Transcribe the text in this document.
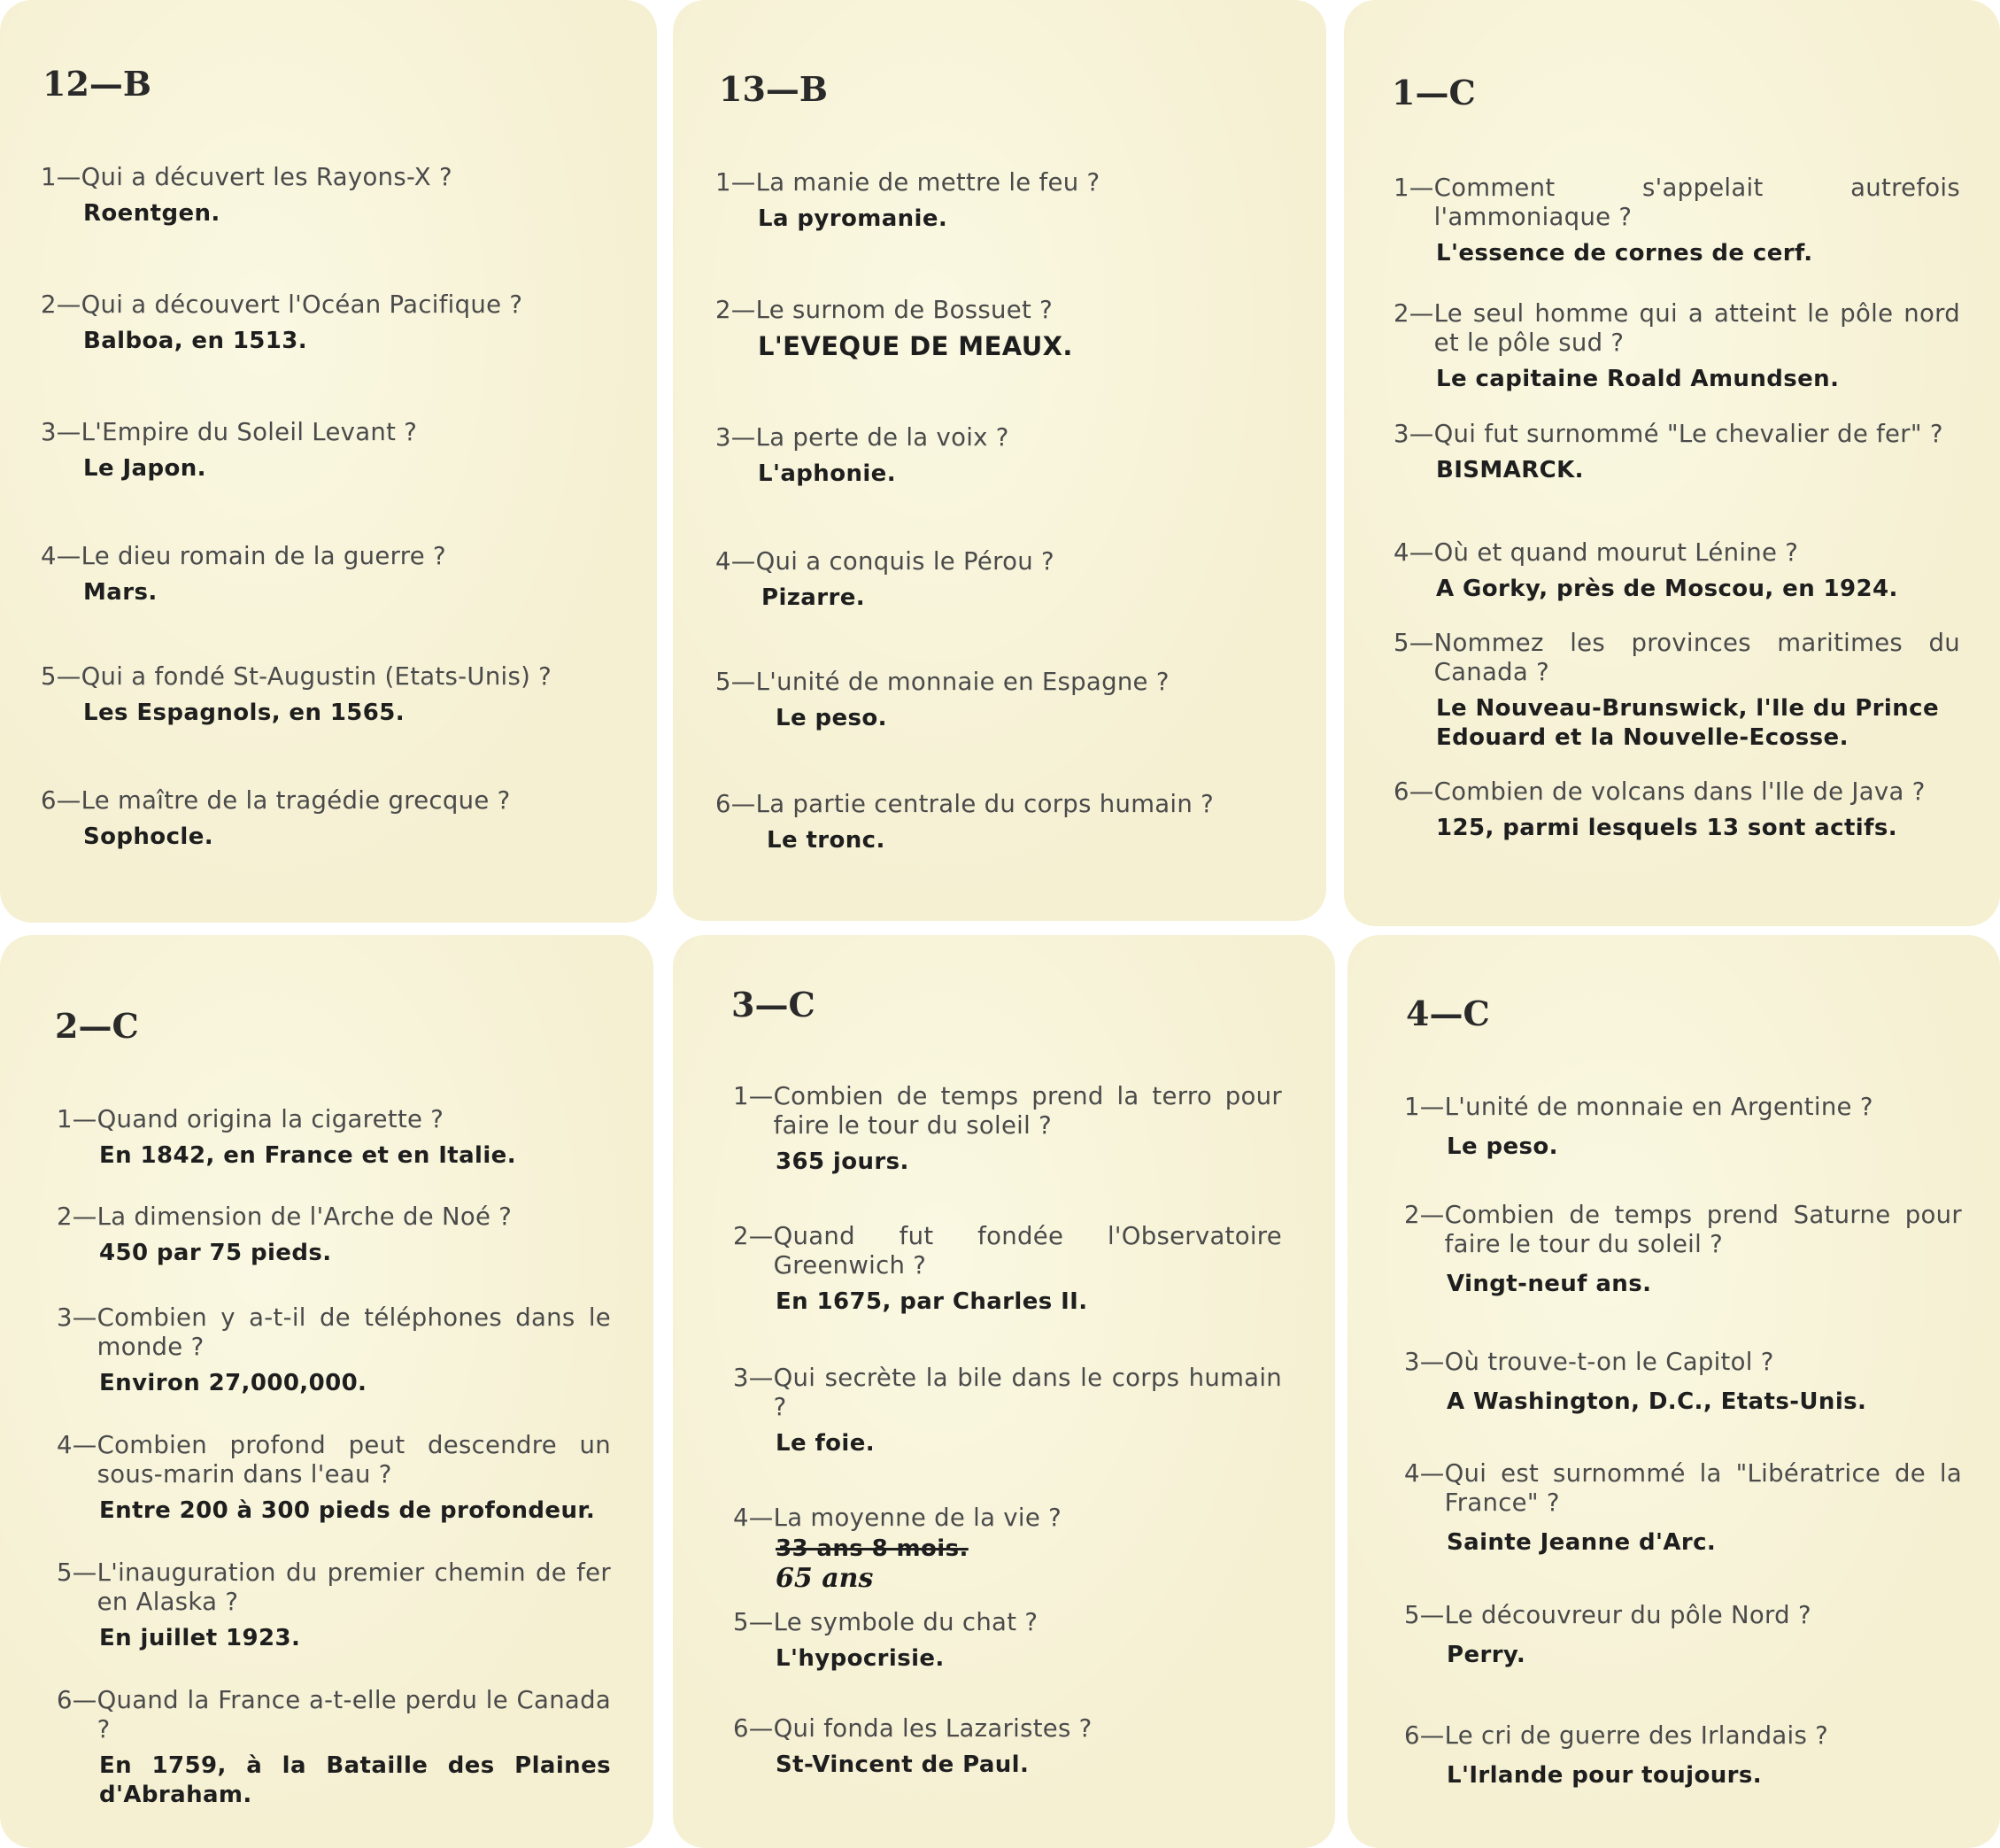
12—B
1— Qui a décuvert les Rayons-X ?
Roentgen.
2— Qui a découvert l'Océan Pacifique ?
Balboa, en 1513.
3— L'Empire du Soleil Levant ?
Le Japon.
4— Le dieu romain de la guerre ?
Mars.
5— Qui a fondé St-Augustin (Etats-Unis) ?
Les Espagnols, en 1565.
6— Le maître de la tragédie grecque ?
Sophocle.
13—B
1— La manie de mettre le feu ?
La pyromanie.
2— Le surnom de Bossuet ?
L'EVEQUE DE MEAUX.
3— La perte de la voix ?
L'aphonie.
4— Qui a conquis le Pérou ?
Pizarre.
5— L'unité de monnaie en Espagne ?
Le peso.
6— La partie centrale du corps humain ?
Le tronc.
1—C
1— Comment s'appelait autrefois l'ammoniaque ?
L'essence de cornes de cerf.
2— Le seul homme qui a atteint le pôle nord et le pôle sud ?
Le capitaine Roald Amundsen.
3— Qui fut surnommé "Le chevalier de fer" ?
BISMARCK.
4— Où et quand mourut Lénine ?
A Gorky, près de Moscou, en 1924.
5— Nommez les provinces maritimes du Canada ?
Le Nouveau-Brunswick, l'Ile du Prince Edouard et la Nouvelle-Ecosse.
6— Combien de volcans dans l'Ile de Java ?
125, parmi lesquels 13 sont actifs.
2—C
1— Quand origina la cigarette ?
En 1842, en France et en Italie.
2— La dimension de l'Arche de Noé ?
450 par 75 pieds.
3— Combien y a-t-il de téléphones dans le monde ?
Environ 27,000,000.
4— Combien profond peut descendre un sous-marin dans l'eau ?
Entre 200 à 300 pieds de profondeur.
5— L'inauguration du premier chemin de fer en Alaska ?
En juillet 1923.
6— Quand la France a-t-elle perdu le Canada ?
En 1759, à la Bataille des Plaines d'Abraham.
3—C
1— Combien de temps prend la terro pour faire le tour du soleil ?
365 jours.
2— Quand fut fondée l'Observatoire Greenwich ?
En 1675, par Charles II.
3— Qui secrète la bile dans le corps humain ?
Le foie.
4— La moyenne de la vie ?
33 ans 8 mois.
65 ans
5— Le symbole du chat ?
L'hypocrisie.
6— Qui fonda les Lazaristes ?
St-Vincent de Paul.
4—C
1— L'unité de monnaie en Argentine ?
Le peso.
2— Combien de temps prend Saturne pour faire le tour du soleil ?
Vingt-neuf ans.
3— Où trouve-t-on le Capitol ?
A Washington, D.C., Etats-Unis.
4— Qui est surnommé la "Libératrice de la France" ?
Sainte Jeanne d'Arc.
5— Le découvreur du pôle Nord ?
Perry.
6— Le cri de guerre des Irlandais ?
L'Irlande pour toujours.
